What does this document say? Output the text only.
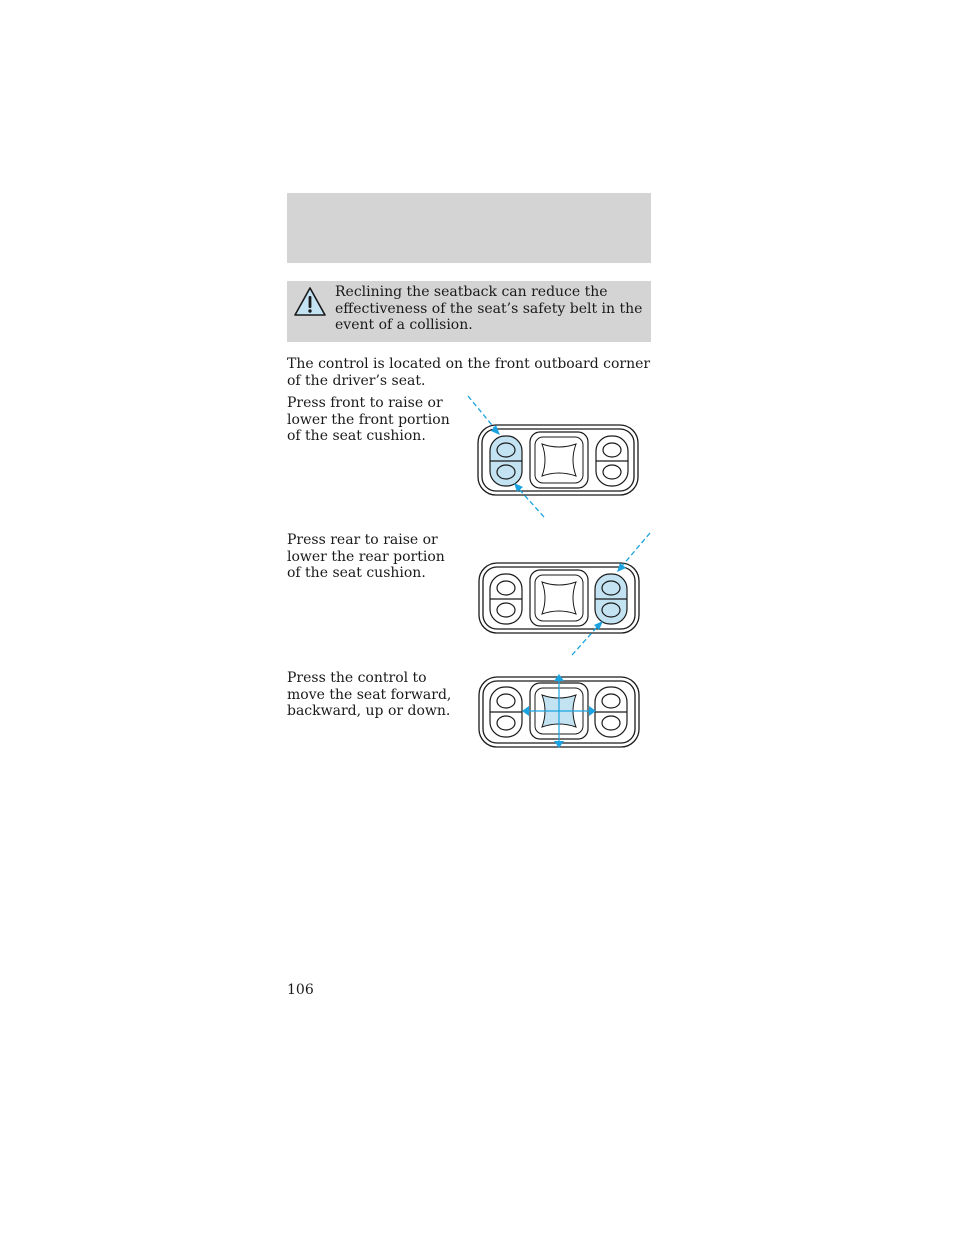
Reclining the seatback can reduce the effectiveness of the seat’s safety belt in the event of a collision.

The control is located on the front outboard corner of the driver’s seat.

Press front to raise or lower the front portion of the seat cushion.

Press rear to raise or lower the rear portion of the seat cushion.

Press the control to move the seat forward, backward, up or down.

106
